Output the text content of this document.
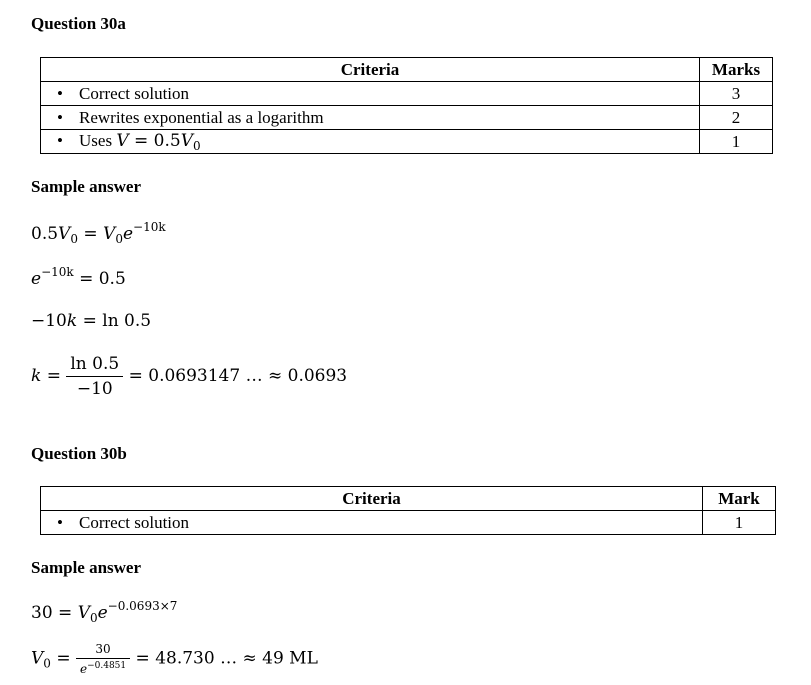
Question 30a
Criteria	Marks
• Correct solution	3
• Rewrites exponential as a logarithm	2
• Uses $V = 0.5V_0$	1
Sample answer
$0.5V_0 = V_0e^{-10k}$
$e^{-10k} = 0.5$
−10k = ln 0.5
$k = \frac{\ln 0.5}{-10} = 0.0693147$ … ≈ 0.0693
Question 30b
Criteria	Mark
• Correct solution	1
Sample answer
$30 = V_0e^{-0.0693\times 7}$
$V_0 = \frac{30}{e^{-0.4851}} = 48.730$ … ≈ 49 ML
